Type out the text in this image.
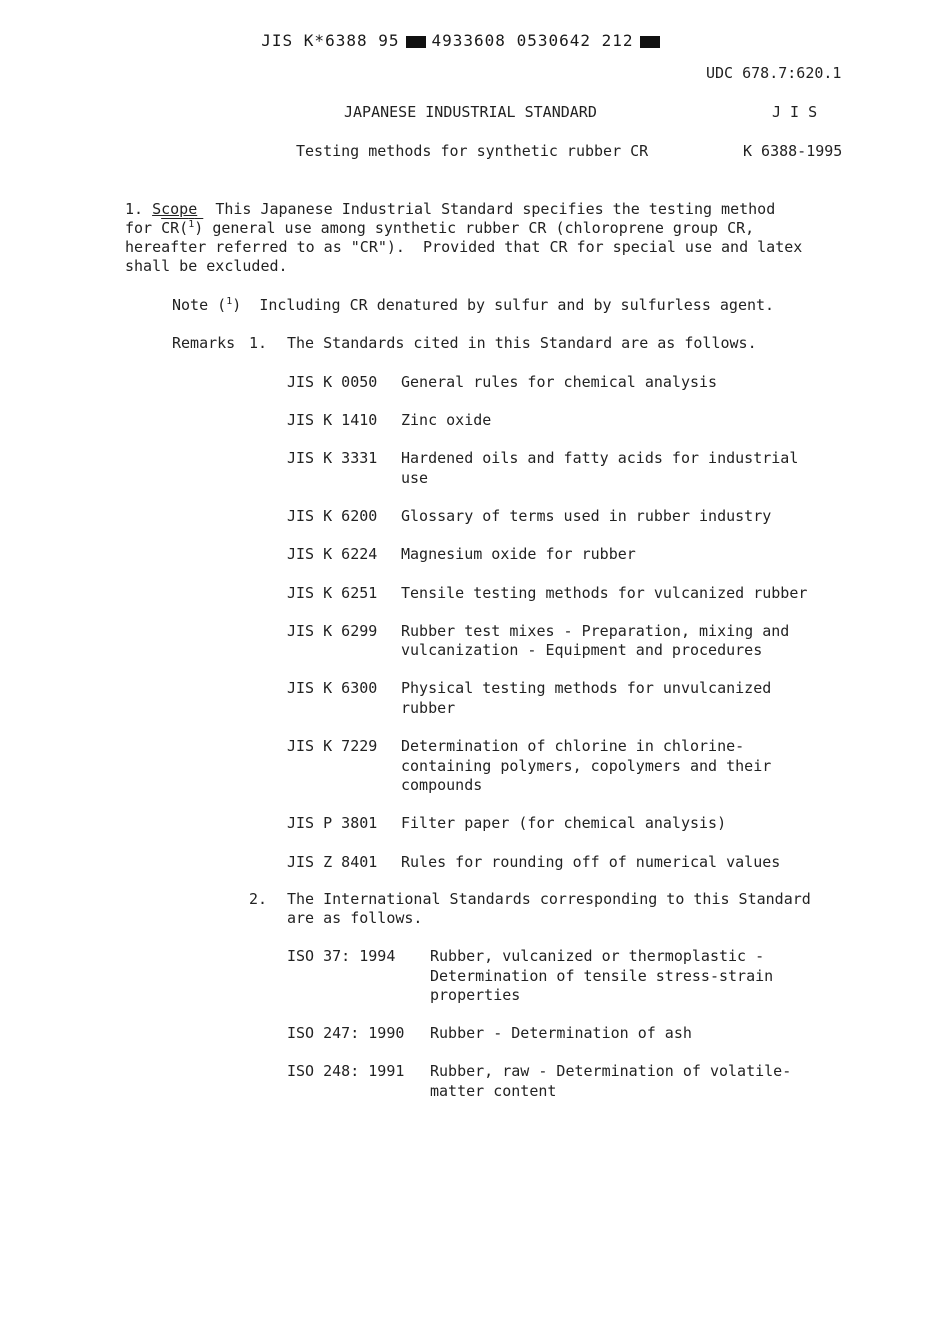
JIS K*6388 95 4933608 0530642 212

UDC 678.7:620.1
JAPANESE INDUSTRIAL STANDARD	J I S
Testing methods for synthetic rubber CR	K 6388-1995
1. Scope This Japanese Industrial Standard specifies the testing method
for CR($^1$) general use among synthetic rubber CR (chloroprene group CR,
hereafter referred to as "CR").  Provided that CR for special use and latex
shall be excluded.
Note ($^1$) Including CR denatured by sulfur and by sulfurless agent.
Remarks 1. The Standards cited in this Standard are as follows.
JIS K 0050 General rules for chemical analysis
JIS K 1410 Zinc oxide
JIS K 3331 Hardened oils and fatty acids for industrial
use
JIS K 6200 Glossary of terms used in rubber industry
JIS K 6224 Magnesium oxide for rubber
JIS K 6251 Tensile testing methods for vulcanized rubber
JIS K 6299 Rubber test mixes - Preparation, mixing and
vulcanization - Equipment and procedures
JIS K 6300 Physical testing methods for unvulcanized
rubber
JIS K 7229 Determination of chlorine in chlorine-
containing polymers, copolymers and their
compounds
JIS P 3801 Filter paper (for chemical analysis)
JIS Z 8401 Rules for rounding off of numerical values
2. The International Standards corresponding to this Standard
are as follows.
ISO 37: 1994 Rubber, vulcanized or thermoplastic -
Determination of tensile stress-strain
properties
ISO 247: 1990 Rubber - Determination of ash
ISO 248: 1991 Rubber, raw - Determination of volatile-
matter content
